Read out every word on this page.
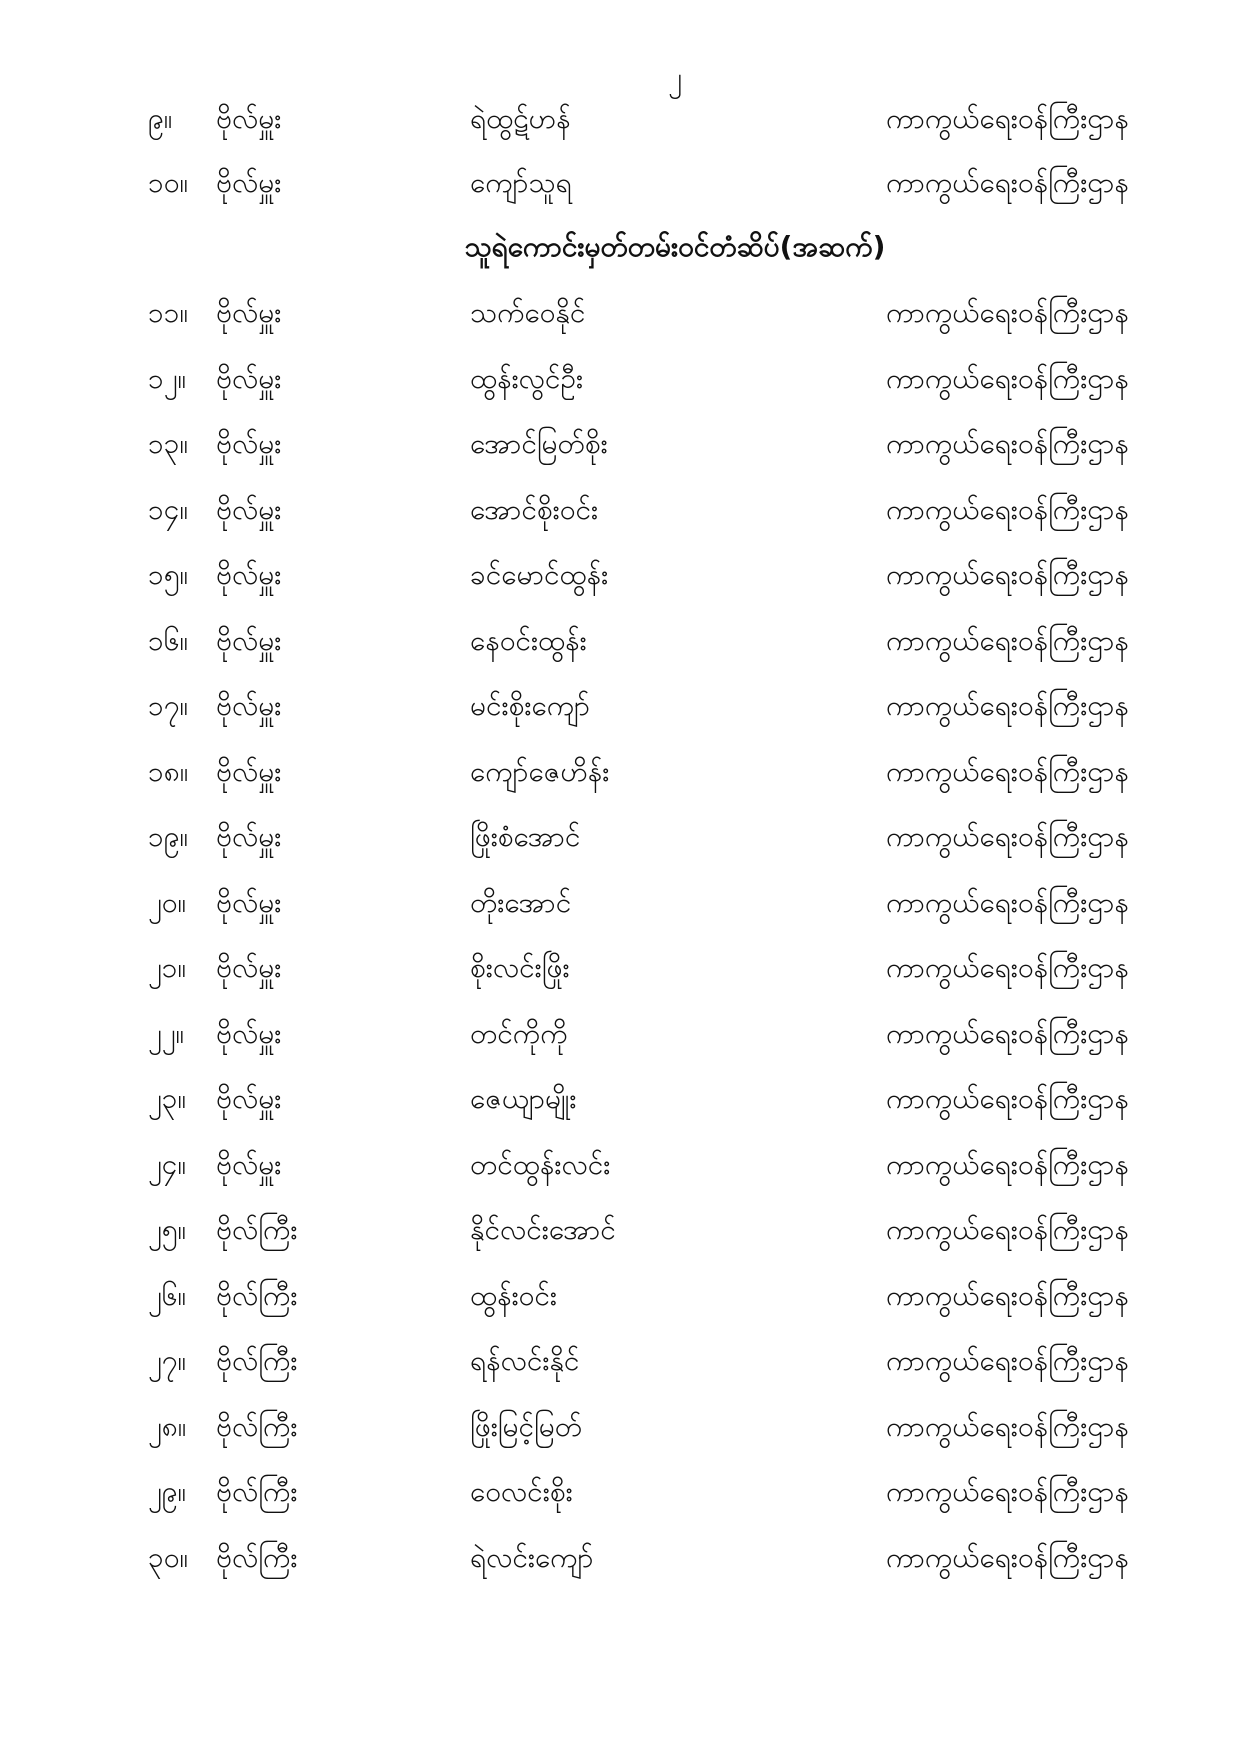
၂
၉။	ဗိုလ်မှူး	ရဲထွဋ်ဟန်	ကာကွယ်ရေးဝန်ကြီးဌာန
၁၀။	ဗိုလ်မှူး	ကျော်သူရ	ကာကွယ်ရေးဝန်ကြီးဌာန
သူရဲကောင်းမှတ်တမ်းဝင်တံဆိပ်(အဆက်)
၁၁။	ဗိုလ်မှူး	သက်ဝေနိုင်	ကာကွယ်ရေးဝန်ကြီးဌာန
၁၂။	ဗိုလ်မှူး	ထွန်းလွင်ဦး	ကာကွယ်ရေးဝန်ကြီးဌာန
၁၃။	ဗိုလ်မှူး	အောင်မြတ်စိုး	ကာကွယ်ရေးဝန်ကြီးဌာန
၁၄။	ဗိုလ်မှူး	အောင်စိုးဝင်း	ကာကွယ်ရေးဝန်ကြီးဌာန
၁၅။	ဗိုလ်မှူး	ခင်မောင်ထွန်း	ကာကွယ်ရေးဝန်ကြီးဌာန
၁၆။	ဗိုလ်မှူး	နေဝင်းထွန်း	ကာကွယ်ရေးဝန်ကြီးဌာန
၁၇။	ဗိုလ်မှူး	မင်းစိုးကျော်	ကာကွယ်ရေးဝန်ကြီးဌာန
၁၈။ ဗိုလ်မှူး	ကျော်ဇေဟိန်း	ကာကွယ်ရေးဝန်ကြီးဌာန
၁၉။	ဗိုလ်မှူး	ဖြိုးစံအောင်	ကာကွယ်ရေးဝန်ကြီးဌာန
၂၀။	ဗိုလ်မှူး	တိုးအောင်	ကာကွယ်ရေးဝန်ကြီးဌာန
၂၁။	ဗိုလ်မှူး	စိုးလင်းဖြိုး	ကာကွယ်ရေးဝန်ကြီးဌာန
၂၂။	ဗိုလ်မှူး	တင်ကိုကို	ကာကွယ်ရေးဝန်ကြီးဌာန
၂၃။	ဗိုလ်မှူး	ဇေယျာမျိုး	ကာကွယ်ရေးဝန်ကြီးဌာန
၂၄။	ဗိုလ်မှူး	တင်ထွန်းလင်း	ကာကွယ်ရေးဝန်ကြီးဌာန
၂၅။	ဗိုလ်ကြီး	နိုင်လင်းအောင်	ကာကွယ်ရေးဝန်ကြီးဌာန
၂၆။	ဗိုလ်ကြီး	ထွန်းဝင်း	ကာကွယ်ရေးဝန်ကြီးဌာန
၂၇။	ဗိုလ်ကြီး	ရန်လင်းနိုင်	ကာကွယ်ရေးဝန်ကြီးဌာန
၂၈။	ဗိုလ်ကြီး	ဖြိုးမြင့်မြတ်	ကာကွယ်ရေးဝန်ကြီးဌာန
၂၉။	ဗိုလ်ကြီး	ဝေလင်းစိုး	ကာကွယ်ရေးဝန်ကြီးဌာန
၃၀။	ဗိုလ်ကြီး	ရဲလင်းကျော်	ကာကွယ်ရေးဝန်ကြီးဌာန
